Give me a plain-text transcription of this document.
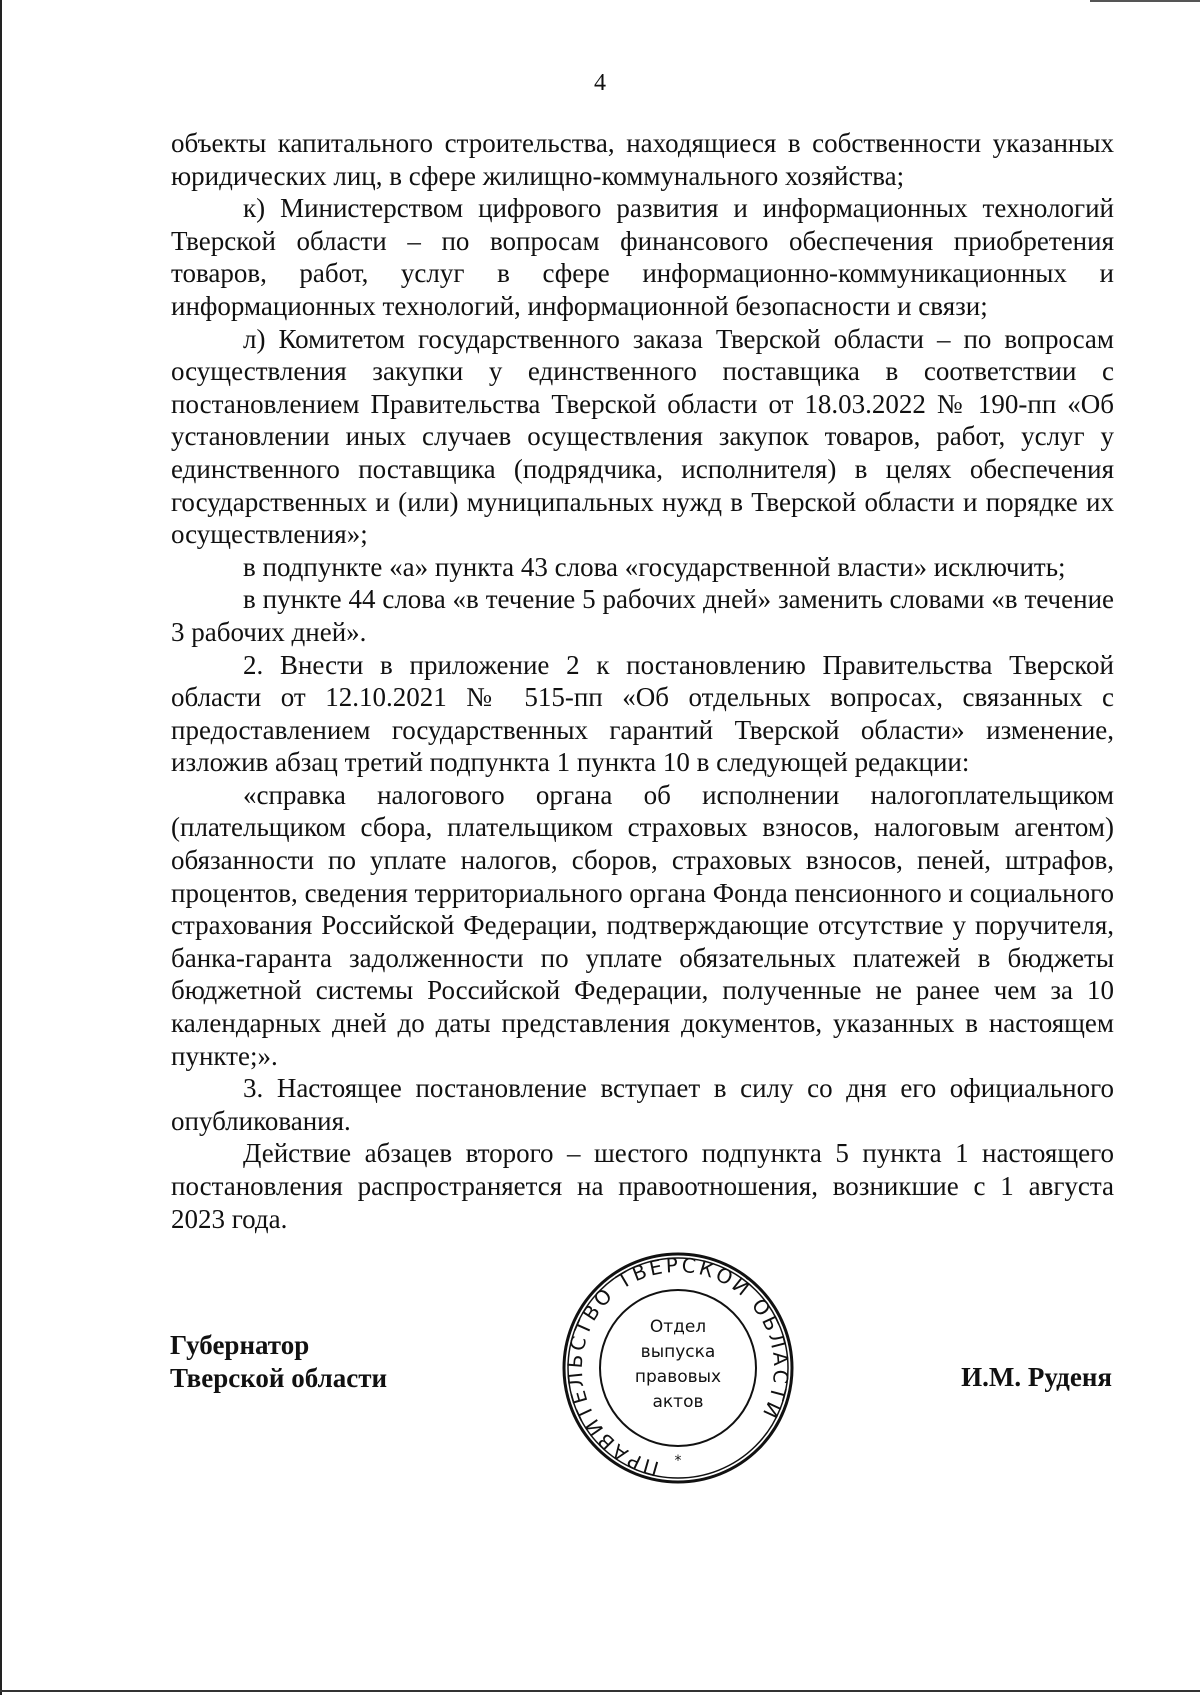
4

объекты капитального строительства, находящиеся в собственности указанных юридических лиц, в сфере жилищно-коммунального хозяйства;

к) Министерством цифрового развития и информационных технологий Тверской области – по вопросам финансового обеспечения приобретения товаров, работ, услуг в сфере информационно-коммуникационных и информационных технологий, информационной безопасности и связи;

л) Комитетом государственного заказа Тверской области – по вопросам осуществления закупки у единственного поставщика в соответствии с постановлением Правительства Тверской области от 18.03.2022 № 190-пп «Об установлении иных случаев осуществления закупок товаров, работ, услуг у единственного поставщика (подрядчика, исполнителя) в целях обеспечения государственных и (или) муниципальных нужд в Тверской области и порядке их осуществления»;

в подпункте «а» пункта 43 слова «государственной власти» исключить;

в пункте 44 слова «в течение 5 рабочих дней» заменить словами «в течение 3 рабочих дней».

2. Внести в приложение 2 к постановлению Правительства Тверской области от 12.10.2021 № 515-пп «Об отдельных вопросах, связанных с предоставлением государственных гарантий Тверской области» изменение, изложив абзац третий подпункта 1 пункта 10 в следующей редакции:

«справка налогового органа об исполнении налогоплательщиком (плательщиком сбора, плательщиком страховых взносов, налоговым агентом) обязанности по уплате налогов, сборов, страховых взносов, пеней, штрафов, процентов, сведения территориального органа Фонда пенсионного и социального страхования Российской Федерации, подтверждающие отсутствие у поручителя, банка-гаранта задолженности по уплате обязательных платежей в бюджеты бюджетной системы Российской Федерации, полученные не ранее чем за 10 календарных дней до даты представления документов, указанных в настоящем пункте;».

3. Настоящее постановление вступает в силу со дня его официального опубликования.

Действие абзацев второго – шестого подпункта 5 пункта 1 настоящего постановления распространяется на правоотношения, возникшие с 1 августа 2023 года.

Губернатор
Тверской области	И.М. Руденя
ПРАВИТЕЛЬСТВО ТВЕРСКОЙ ОБЛАСТИ
Отдел
выпуска
правовых
актов
*
